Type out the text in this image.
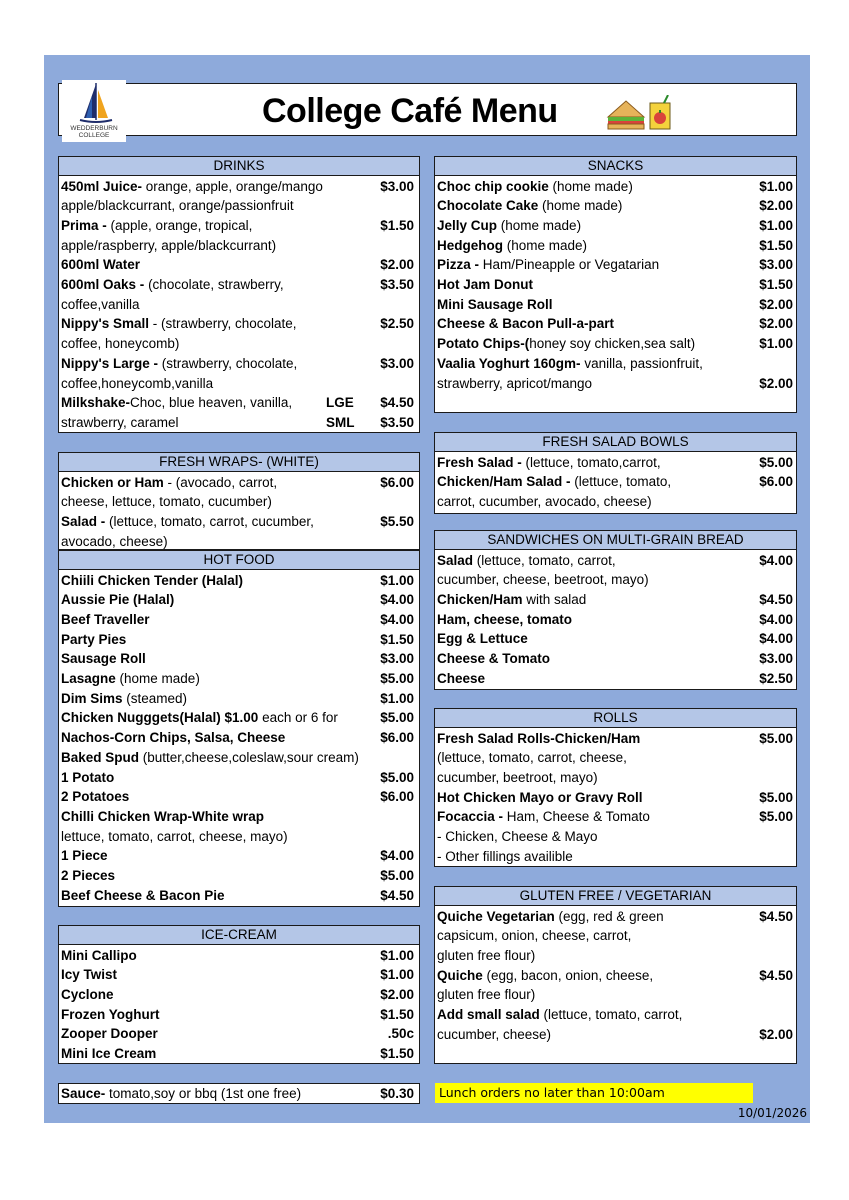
WEDDERBURN COLLEGE
College Café Menu
DRINKS
450ml Juice- orange, apple, orange/mango	$3.00
apple/blackcurrant, orange/passionfruit
Prima - (apple, orange, tropical,	$1.50
apple/raspberry, apple/blackcurrant)
600ml Water	$2.00
600ml Oaks - (chocolate, strawberry,	$3.50
coffee,vanilla
Nippy's Small - (strawberry, chocolate,	$2.50
coffee, honeycomb)
Nippy's Large - (strawberry, chocolate,	$3.00
coffee,honeycomb,vanilla
Milkshake-Choc, blue heaven, vanilla,	LGE	$4.50
strawberry, caramel	SML	$3.50
FRESH WRAPS- (WHITE)
Chicken or Ham - (avocado, carrot,	$6.00
cheese, lettuce, tomato, cucumber)
Salad - (lettuce, tomato, carrot, cucumber,	$5.50
avocado, cheese)
HOT FOOD
Chiili Chicken Tender (Halal)	$1.00
Aussie Pie (Halal)	$4.00
Beef Traveller	$4.00
Party Pies	$1.50
Sausage Roll	$3.00
Lasagne (home made)	$5.00
Dim Sims (steamed)	$1.00
Chicken Nugggets(Halal) $1.00 each or 6 for	$5.00
Nachos-Corn Chips, Salsa, Cheese	$6.00
Baked Spud (butter,cheese,coleslaw,sour cream)
1 Potato	$5.00
2 Potatoes	$6.00
Chilli Chicken Wrap-White wrap
lettuce, tomato, carrot, cheese, mayo)
1 Piece	$4.00
2 Pieces	$5.00
Beef Cheese & Bacon Pie	$4.50
ICE-CREAM
Mini Callipo	$1.00
Icy Twist	$1.00
Cyclone	$2.00
Frozen Yoghurt	$1.50
Zooper Dooper	.50c
Mini Ice Cream	$1.50
SNACKS
Choc chip cookie (home made)	$1.00
Chocolate Cake (home made)	$2.00
Jelly Cup (home made)	$1.00
Hedgehog (home made)	$1.50
Pizza - Ham/Pineapple or Vegatarian	$3.00
Hot Jam Donut	$1.50
Mini Sausage Roll	$2.00
Cheese & Bacon Pull-a-part	$2.00
Potato Chips-(honey soy chicken,sea salt)	$1.00
Vaalia Yoghurt 160gm- vanilla, passionfruit,
strawberry, apricot/mango	$2.00
FRESH SALAD BOWLS
Fresh Salad - (lettuce, tomato,carrot,	$5.00
Chicken/Ham Salad - (lettuce, tomato,	$6.00
carrot, cucumber, avocado, cheese)
SANDWICHES ON MULTI-GRAIN BREAD
Salad (lettuce, tomato, carrot,	$4.00
cucumber, cheese, beetroot, mayo)
Chicken/Ham with salad	$4.50
Ham, cheese, tomato	$4.00
Egg & Lettuce	$4.00
Cheese & Tomato	$3.00
Cheese	$2.50
ROLLS
Fresh Salad Rolls-Chicken/Ham	$5.00
(lettuce, tomato, carrot, cheese,
cucumber, beetroot, mayo)
Hot Chicken Mayo or Gravy Roll	$5.00
Focaccia - Ham, Cheese & Tomato	$5.00
- Chicken, Cheese & Mayo
- Other fillings availible
GLUTEN FREE / VEGETARIAN
Quiche Vegetarian (egg, red & green	$4.50
capsicum, onion, cheese, carrot,
gluten free flour)
Quiche (egg, bacon, onion, cheese,	$4.50
gluten free flour)
Add small salad (lettuce, tomato, carrot,
cucumber, cheese)	$2.00
Sauce- tomato,soy or bbq (1st one free)	$0.30	Lunch orders no later than 10:00am
10/01/2026
